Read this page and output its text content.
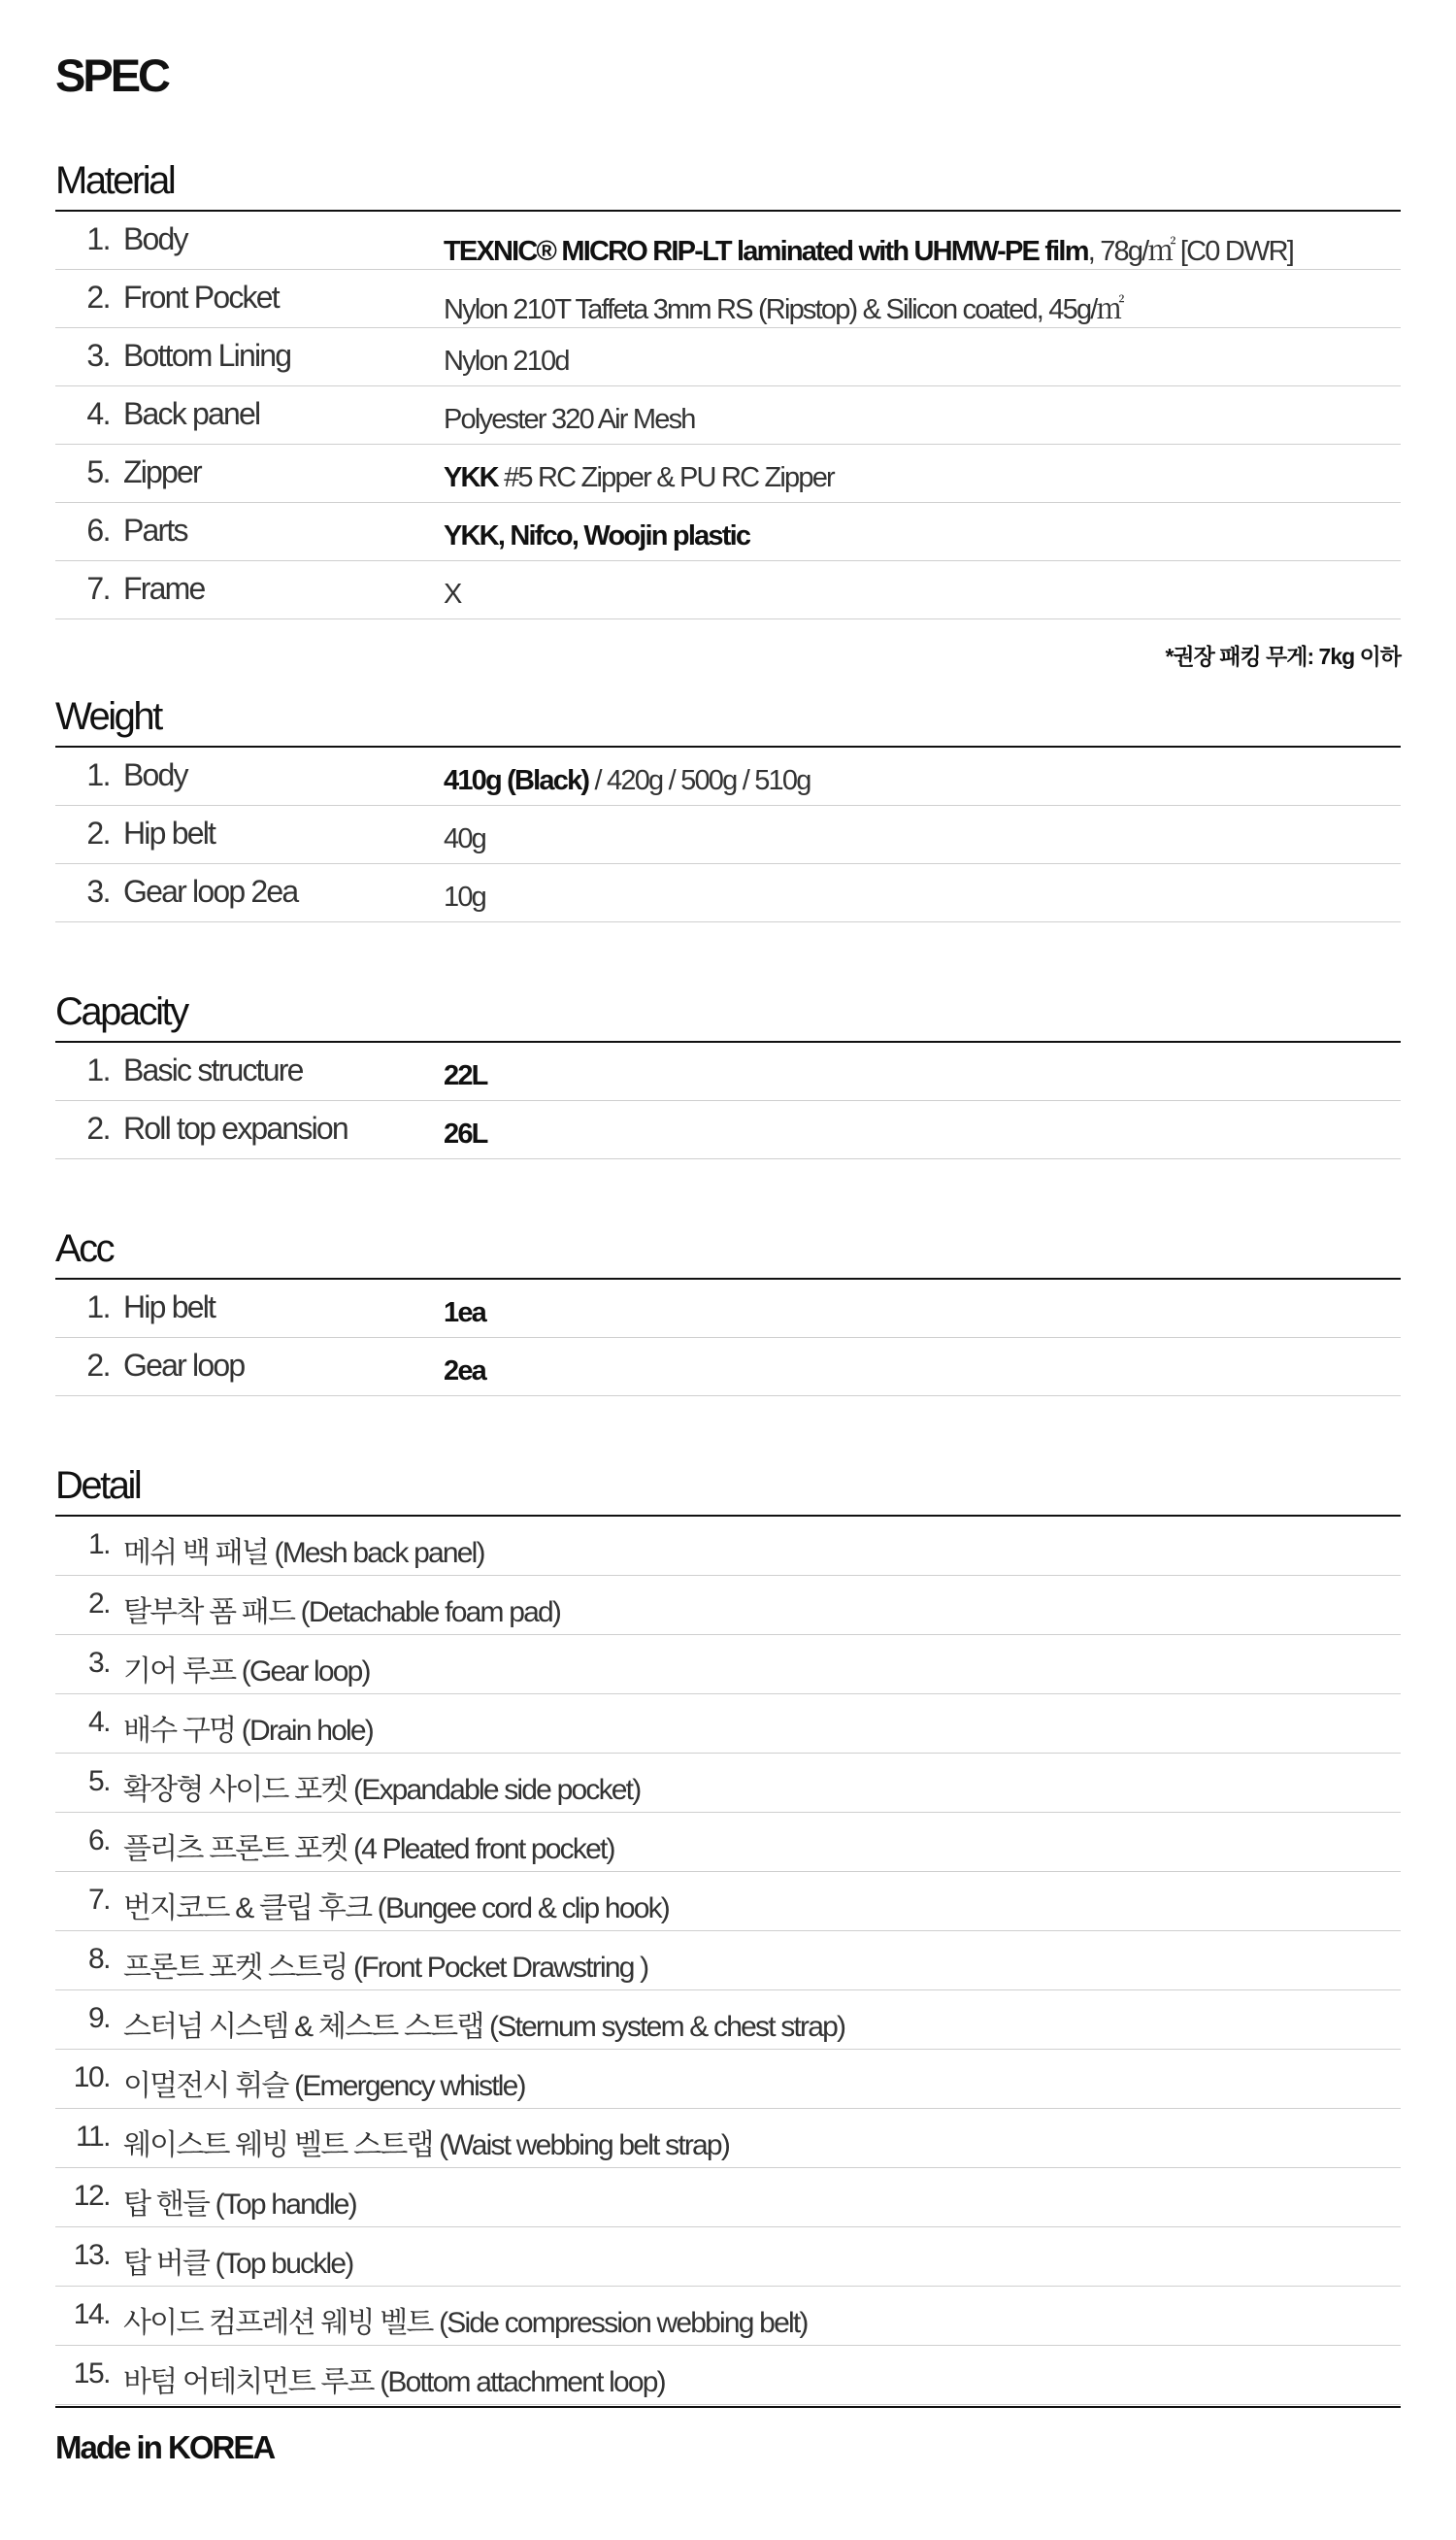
SPEC
Material
1. Body	TEXNIC® MICRO RIP-LT laminated with UHMW-PE film, 78g/㎡ [C0 DWR]
2. Front Pocket	Nylon 210T Taffeta 3mm RS (Ripstop) & Silicon coated, 45g/㎡
3. Bottom Lining	Nylon 210d
4. Back panel	Polyester 320 Air Mesh
5. Zipper	YKK #5 RC Zipper & PU RC Zipper
6. Parts	YKK, Nifco, Woojin plastic
7. Frame	X
*권장 패킹 무게: 7kg 이하
Weight
1. Body	410g (Black) / 420g / 500g / 510g
2. Hip belt	40g
3. Gear loop 2ea	10g
Capacity
1. Basic structure	22L
2. Roll top expansion	26L
Acc
1. Hip belt	1ea
2. Gear loop	2ea
Detail
1. 메쉬 백 패널 (Mesh back panel)
2. 탈부착 폼 패드 (Detachable foam pad)
3. 기어 루프 (Gear loop)
4. 배수 구멍 (Drain hole)
5. 확장형 사이드 포켓 (Expandable side pocket)
6. 플리츠 프론트 포켓 (4 Pleated front pocket)
7. 번지코드 & 클립 후크 (Bungee cord & clip hook)
8. 프론트 포켓 스트링 (Front Pocket Drawstring )
9. 스터넘 시스템 & 체스트 스트랩 (Sternum system & chest strap)
10. 이멀전시 휘슬 (Emergency whistle)
11. 웨이스트 웨빙 벨트 스트랩 (Waist webbing belt strap)
12. 탑 핸들 (Top handle)
13. 탑 버클 (Top buckle)
14. 사이드 컴프레션 웨빙 벨트 (Side compression webbing belt)
15. 바텀 어테치먼트 루프 (Bottom attachment loop)
Made in KOREA
